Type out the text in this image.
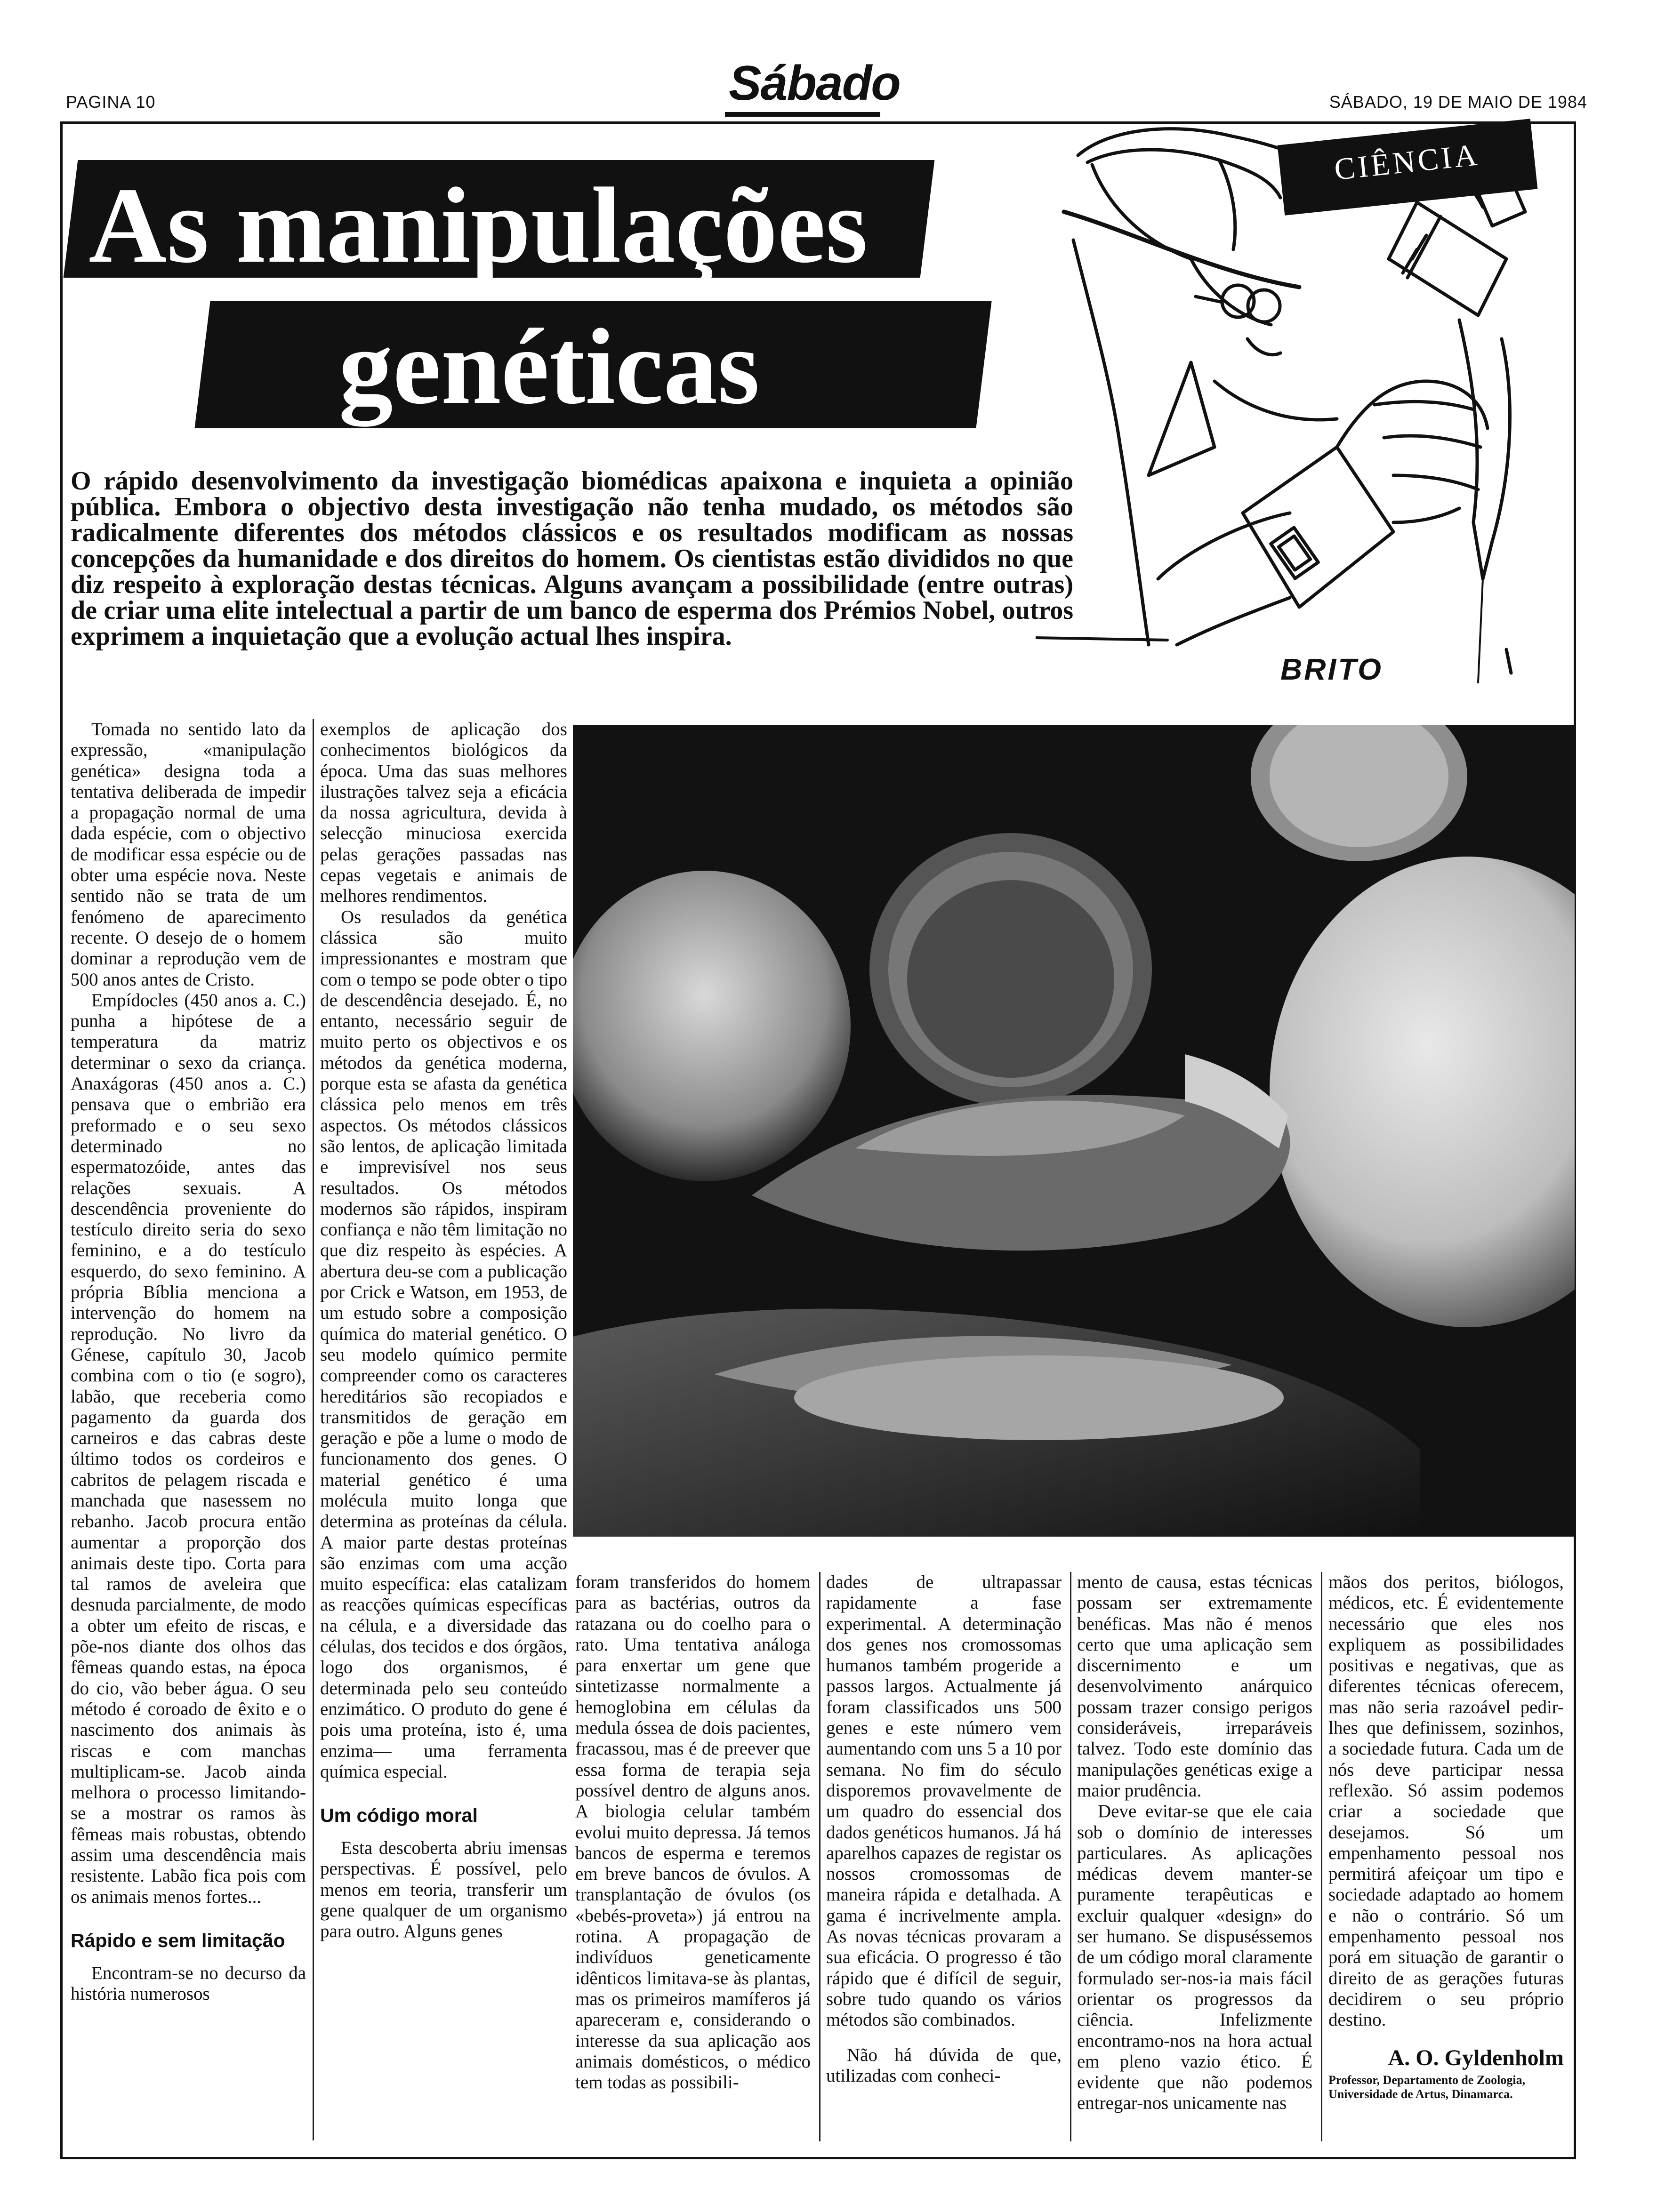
PAGINA 10	Sábado	SÁBADO, 19 DE MAIO DE 1984
As manipulações
genéticas
CIÊNCIA
BRITO

O rápido desenvolvimento da investigação biomédicas apaixona e inquieta a opinião pública. Embora o objectivo desta investigação não tenha mudado, os métodos são radicalmente diferentes dos métodos clássicos e os resultados modificam as nossas concepções da humanidade e dos direitos do homem. Os cientistas estão divididos no que diz respeito à exploração destas técnicas. Alguns avançam a possibilidade (entre outras) de criar uma elite intelectual a partir de um banco de esperma dos Prémios Nobel, outros exprimem a inquietação que a evolução actual lhes inspira.

Tomada no sentido lato da expressão, «manipulação genética» designa toda a tentativa deliberada de impedir a propagação normal de uma dada espécie, com o objectivo de modificar essa espécie ou de obter uma espécie nova. Neste sentido não se trata de um fenómeno de aparecimento recente. O desejo de o homem dominar a reprodução vem de 500 anos antes de Cristo.

Empídocles (450 anos a. C.) punha a hipótese de a temperatura da matriz determinar o sexo da criança. Anaxágoras (450 anos a. C.) pensava que o embrião era preformado e o seu sexo determinado no espermatozóide, antes das relações sexuais. A descendência proveniente do testículo direito seria do sexo feminino, e a do testículo esquerdo, do sexo feminino. A própria Bíblia menciona a intervenção do homem na reprodução. No livro da Génese, capítulo 30, Jacob combina com o tio (e sogro), labão, que receberia como pagamento da guarda dos carneiros e das cabras deste último todos os cordeiros e cabritos de pelagem riscada e manchada que nasessem no rebanho. Jacob procura então aumentar a proporção dos animais deste tipo. Corta para tal ramos de aveleira que desnuda parcialmente, de modo a obter um efeito de riscas, e põe-nos diante dos olhos das fêmeas quando estas, na época do cio, vão beber água. O seu método é coroado de êxito e o nascimento dos animais às riscas e com manchas multiplicam-se. Jacob ainda melhora o processo limitando-se a mostrar os ramos às fêmeas mais robustas, obtendo assim uma descendência mais resistente. Labão fica pois com os animais menos fortes...

Rápido e sem limitação

Encontram-se no decurso da história numerosos

exemplos de aplicação dos conhecimentos biológicos da época. Uma das suas melhores ilustrações talvez seja a eficácia da nossa agricultura, devida à selecção minuciosa exercida pelas gerações passadas nas cepas vegetais e animais de melhores rendimentos.

Os resulados da genética clássica são muito impressionantes e mostram que com o tempo se pode obter o tipo de descendência desejado. É, no entanto, necessário seguir de muito perto os objectivos e os métodos da genética moderna, porque esta se afasta da genética clássica pelo menos em três aspectos. Os métodos clássicos são lentos, de aplicação limitada e imprevisível nos seus resultados. Os métodos modernos são rápidos, inspiram confiança e não têm limitação no que diz respeito às espécies. A abertura deu-se com a publicação por Crick e Watson, em 1953, de um estudo sobre a composição química do material genético. O seu modelo químico permite compreender como os caracteres hereditários são recopiados e transmitidos de geração em geração e põe a lume o modo de funcionamento dos genes. O material genético é uma molécula muito longa que determina as proteínas da célula. A maior parte destas proteínas são enzimas com uma acção muito específica: elas catalizam as reacções químicas específicas na célula, e a diversidade das células, dos tecidos e dos órgãos, logo dos organismos, é determinada pelo seu conteúdo enzimático. O produto do gene é pois uma proteína, isto é, uma enzima— uma ferramenta química especial.

Um código moral

Esta descoberta abriu imensas perspectivas. É possível, pelo menos em teoria, transferir um gene qualquer de um organismo para outro. Alguns genes

foram transferidos do homem para as bactérias, outros da ratazana ou do coelho para o rato. Uma tentativa análoga para enxertar um gene que sintetizasse normalmente a hemoglobina em células da medula óssea de dois pacientes, fracassou, mas é de preever que essa forma de terapia seja possível dentro de alguns anos. A biologia celular também evolui muito depressa. Já temos bancos de esperma e teremos em breve bancos de óvulos. A transplantação de óvulos (os «bebés-proveta») já entrou na rotina. A propagação de indivíduos geneticamente idênticos limitava-se às plantas, mas os primeiros mamíferos já apareceram e, considerando o interesse da sua aplicação aos animais domésticos, o médico tem todas as possibili-

dades de ultrapassar rapidamente a fase experimental. A determinação dos genes nos cromossomas humanos também progeride a passos largos. Actualmente já foram classificados uns 500 genes e este número vem aumentando com uns 5 a 10 por semana. No fim do século disporemos provavelmente de um quadro do essencial dos dados genéticos humanos. Já há aparelhos capazes de registar os nossos cromossomas de maneira rápida e detalhada. A gama é incrivelmente ampla. As novas técnicas provaram a sua eficácia. O progresso é tão rápido que é difícil de seguir, sobre tudo quando os vários métodos são combinados.

Não há dúvida de que, utilizadas com conheci-

mento de causa, estas técnicas possam ser extremamente benéficas. Mas não é menos certo que uma aplicação sem discernimento e um desenvolvimento anárquico possam trazer consigo perigos consideráveis, irreparáveis talvez. Todo este domínio das manipulações genéticas exige a maior prudência.

Deve evitar-se que ele caia sob o domínio de interesses particulares. As aplicações médicas devem manter-se puramente terapêuticas e excluir qualquer «design» do ser humano. Se dispuséssemos de um código moral claramente formulado ser-nos-ia mais fácil orientar os progressos da ciência. Infelizmente encontramo-nos na hora actual em pleno vazio ético. É evidente que não podemos entregar-nos unicamente nas

mãos dos peritos, biólogos, médicos, etc. É evidentemente necessário que eles nos expliquem as possibilidades positivas e negativas, que as diferentes técnicas oferecem, mas não seria razoável pedir-lhes que definissem, sozinhos, a sociedade futura. Cada um de nós deve participar nessa reflexão. Só assim podemos criar a sociedade que desejamos. Só um empenhamento pessoal nos permitirá afeiçoar um tipo e sociedade adaptado ao homem e não o contrário. Só um empenhamento pessoal nos porá em situação de garantir o direito de as gerações futuras decidirem o seu próprio destino.

A. O. Gyldenholm

Professor, Departamento de Zoologia, Universidade de Artus, Dinamarca.
